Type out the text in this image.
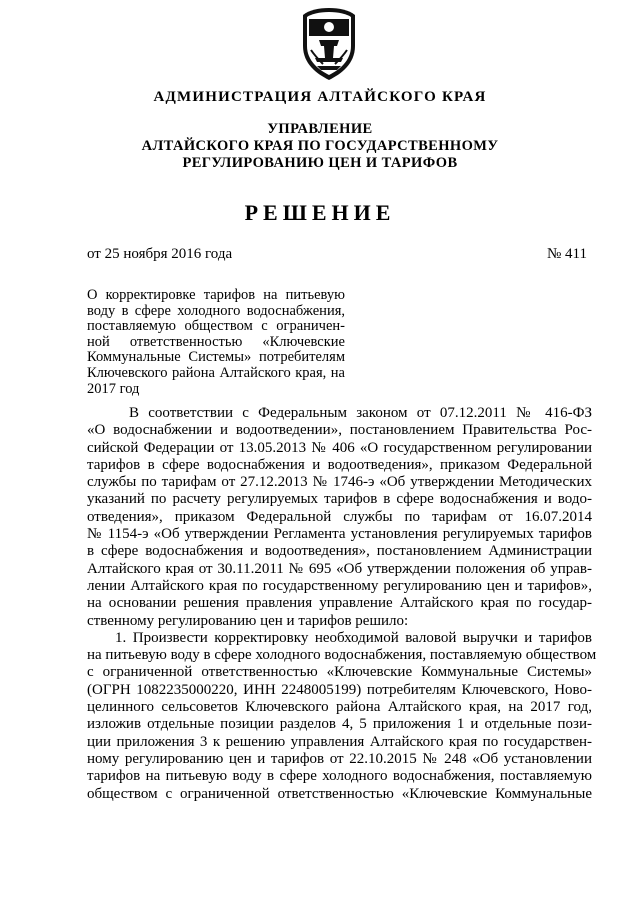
АДМИНИСТРАЦИЯ АЛТАЙСКОГО КРАЯ
УПРАВЛЕНИЕ
АЛТАЙСКОГО КРАЯ ПО ГОСУДАРСТВЕННОМУ
РЕГУЛИРОВАНИЮ ЦЕН И ТАРИФОВ
РЕШЕНИЕ
от 25 ноября 2016 года	№ 411
О корректировке тарифов на питьевую
воду в сфере холодного водоснабжения,
поставляемую обществом с ограничен-
ной ответственностью «Ключевские
Коммунальные Системы» потребителям
Ключевского района Алтайского края, на
2017 год
В соответствии с Федеральным законом от 07.12.2011 № 416-ФЗ
«О водоснабжении и водоотведении», постановлением Правительства Рос-
сийской Федерации от 13.05.2013 № 406 «О государственном регулировании
тарифов в сфере водоснабжения и водоотведения», приказом Федеральной
службы по тарифам от 27.12.2013 № 1746-э «Об утверждении Методических
указаний по расчету регулируемых тарифов в сфере водоснабжения и водо-
отведения», приказом Федеральной службы по тарифам от 16.07.2014
№ 1154-э «Об утверждении Регламента установления регулируемых тарифов
в сфере водоснабжения и водоотведения», постановлением Администрации
Алтайского края от 30.11.2011 № 695 «Об утверждении положения об управ-
лении Алтайского края по государственному регулированию цен и тарифов»,
на основании решения правления управление Алтайского края по государ-
ственному регулированию цен и тарифов решило:
1. Произвести корректировку необходимой валовой выручки и тарифов
на питьевую воду в сфере холодного водоснабжения, поставляемую обществом
с ограниченной ответственностью «Ключевские Коммунальные Системы»
(ОГРН 1082235000220, ИНН 2248005199) потребителям Ключевского, Ново-
целинного сельсоветов Ключевского района Алтайского края, на 2017 год,
изложив отдельные позиции разделов 4, 5 приложения 1 и отдельные пози-
ции приложения 3 к решению управления Алтайского края по государствен-
ному регулированию цен и тарифов от 22.10.2015 № 248 «Об установлении
тарифов на питьевую воду в сфере холодного водоснабжения, поставляемую
обществом с ограниченной ответственностью «Ключевские Коммунальные
